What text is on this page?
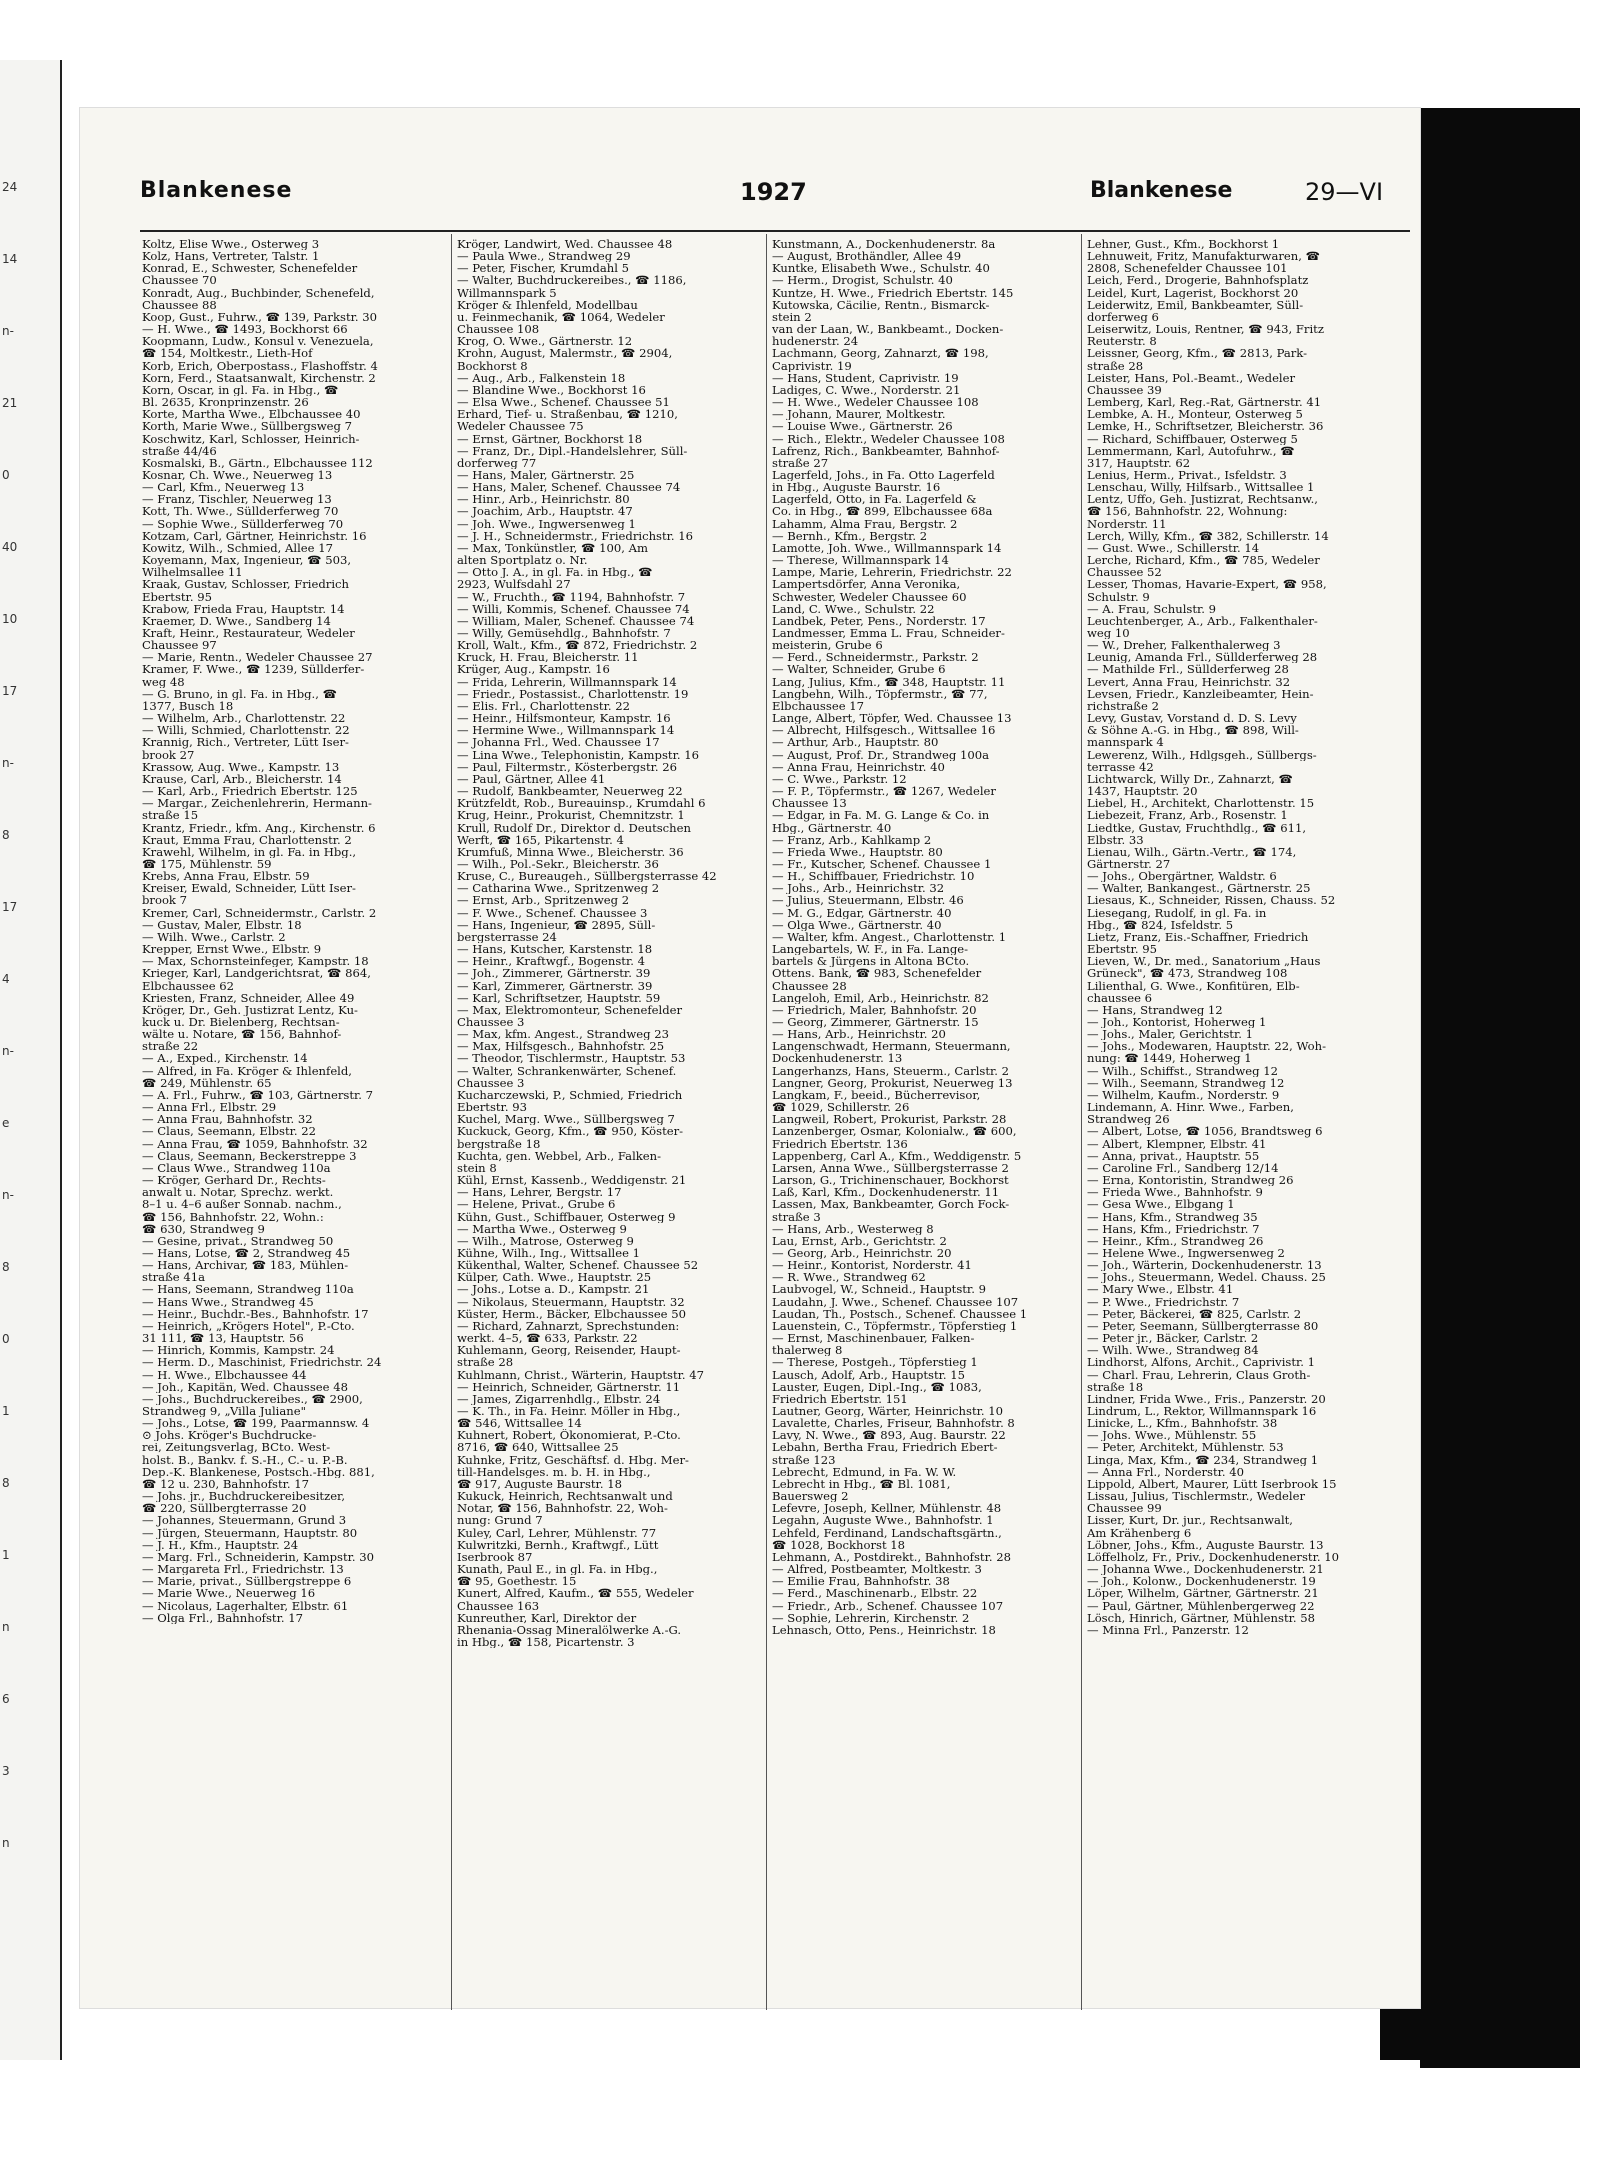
24
14
n-
21
0
40
10
17
n-
8
17
4
n-
e
n-
8
0
1
8
1
n
6
3
n
Blankenese	1927	Blankenese	29—VI
Koltz, Elise Wwe., Osterweg 3
Kolz, Hans, Vertreter, Talstr. 1
Konrad, E., Schwester, Schenefelder
Chaussee 70
Konradt, Aug., Buchbinder, Schenefeld,
Chaussee 88
Koop, Gust., Fuhrw., ☎ 139, Parkstr. 30
— H. Wwe., ☎ 1493, Bockhorst 66
Koopmann, Ludw., Konsul v. Venezuela,
☎ 154, Moltkestr., Lieth-Hof
Korb, Erich, Oberpostass., Flashoffstr. 4
Korn, Ferd., Staatsanwalt, Kirchenstr. 2
Korn, Oscar, in gl. Fa. in Hbg., ☎
Bl. 2635, Kronprinzenstr. 26
Korte, Martha Wwe., Elbchaussee 40
Korth, Marie Wwe., Süllbergsweg 7
Koschwitz, Karl, Schlosser, Heinrich-
straße 44/46
Kosmalski, B., Gärtn., Elbchaussee 112
Kosnar, Ch. Wwe., Neuerweg 13
— Carl, Kfm., Neuerweg 13
— Franz, Tischler, Neuerweg 13
Kott, Th. Wwe., Süllderferweg 70
— Sophie Wwe., Süllderferweg 70
Kotzam, Carl, Gärtner, Heinrichstr. 16
Kowitz, Wilh., Schmied, Allee 17
Koyemann, Max, Ingenieur, ☎ 503,
Wilhelmsallee 11
Kraak, Gustav, Schlosser, Friedrich
Ebertstr. 95
Krabow, Frieda Frau, Hauptstr. 14
Kraemer, D. Wwe., Sandberg 14
Kraft, Heinr., Restaurateur, Wedeler
Chaussee 97
— Marie, Rentn., Wedeler Chaussee 27
Kramer, F. Wwe., ☎ 1239, Süllderfer-
weg 48
— G. Bruno, in gl. Fa. in Hbg., ☎
1377, Busch 18
— Wilhelm, Arb., Charlottenstr. 22
— Willi, Schmied, Charlottenstr. 22
Krannig, Rich., Vertreter, Lütt Iser-
brook 27
Krassow, Aug. Wwe., Kampstr. 13
Krause, Carl, Arb., Bleicherstr. 14
— Karl, Arb., Friedrich Ebertstr. 125
— Margar., Zeichenlehrerin, Hermann-
straße 15
Krantz, Friedr., kfm. Ang., Kirchenstr. 6
Kraut, Emma Frau, Charlottenstr. 2
Krawehl, Wilhelm, in gl. Fa. in Hbg.,
☎ 175, Mühlenstr. 59
Krebs, Anna Frau, Elbstr. 59
Kreiser, Ewald, Schneider, Lütt Iser-
brook 7
Kremer, Carl, Schneidermstr., Carlstr. 2
— Gustav, Maler, Elbstr. 18
— Wilh. Wwe., Carlstr. 2
Krepper, Ernst Wwe., Elbstr. 9
— Max, Schornsteinfeger, Kampstr. 18
Krieger, Karl, Landgerichtsrat, ☎ 864,
Elbchaussee 62
Kriesten, Franz, Schneider, Allee 49
Kröger, Dr., Geh. Justizrat Lentz, Ku-
kuck u. Dr. Bielenberg, Rechtsan-
wälte u. Notare, ☎ 156, Bahnhof-
straße 22
— A., Exped., Kirchenstr. 14
— Alfred, in Fa. Kröger & Ihlenfeld,
☎ 249, Mühlenstr. 65
— A. Frl., Fuhrw., ☎ 103, Gärtnerstr. 7
— Anna Frl., Elbstr. 29
— Anna Frau, Bahnhofstr. 32
— Claus, Seemann, Elbstr. 22
— Anna Frau, ☎ 1059, Bahnhofstr. 32
— Claus, Seemann, Beckerstreppe 3
— Claus Wwe., Strandweg 110a
— Kröger, Gerhard Dr., Rechts-
anwalt u. Notar, Sprechz. werkt.
8–1 u. 4–6 außer Sonnab. nachm.,
☎ 156, Bahnhofstr. 22, Wohn.:
☎ 630, Strandweg 9
— Gesine, privat., Strandweg 50
— Hans, Lotse, ☎ 2, Strandweg 45
— Hans, Archivar, ☎ 183, Mühlen-
straße 41a
— Hans, Seemann, Strandweg 110a
— Hans Wwe., Strandweg 45
— Heinr., Buchdr.-Bes., Bahnhofstr. 17
— Heinrich, „Krögers Hotel", P.-Cto.
31 111, ☎ 13, Hauptstr. 56
— Hinrich, Kommis, Kampstr. 24
— Herm. D., Maschinist, Friedrichstr. 24
— H. Wwe., Elbchaussee 44
— Joh., Kapitän, Wed. Chaussee 48
— Johs., Buchdruckereibes., ☎ 2900,
Strandweg 9, „Villa Juliane"
— Johs., Lotse, ☎ 199, Paarmannsw. 4
⊙ Johs. Kröger's Buchdrucke-
rei, Zeitungsverlag, BCto. West-
holst. B., Bankv. f. S.-H., C.- u. P.-B.
Dep.-K. Blankenese, Postsch.-Hbg. 881,
☎ 12 u. 230, Bahnhofstr. 17
— Johs. jr., Buchdruckereibesitzer,
☎ 220, Süllbergterrasse 20
— Johannes, Steuermann, Grund 3
— Jürgen, Steuermann, Hauptstr. 80
— J. H., Kfm., Hauptstr. 24
— Marg. Frl., Schneiderin, Kampstr. 30
— Margareta Frl., Friedrichstr. 13
— Marie, privat., Süllbergstreppe 6
— Marie Wwe., Neuerweg 16
— Nicolaus, Lagerhalter, Elbstr. 61
— Olga Frl., Bahnhofstr. 17
Kröger, Landwirt, Wed. Chaussee 48
— Paula Wwe., Strandweg 29
— Peter, Fischer, Krumdahl 5
— Walter, Buchdruckereibes., ☎ 1186,
Willmannspark 5
Kröger & Ihlenfeld, Modellbau
u. Feinmechanik, ☎ 1064, Wedeler
Chaussee 108
Krog, O. Wwe., Gärtnerstr. 12
Krohn, August, Malermstr., ☎ 2904,
Bockhorst 8
— Aug., Arb., Falkenstein 18
— Blandine Wwe., Bockhorst 16
— Elsa Wwe., Schenef. Chaussee 51
Erhard, Tief- u. Straßenbau, ☎ 1210,
Wedeler Chaussee 75
— Ernst, Gärtner, Bockhorst 18
— Franz, Dr., Dipl.-Handelslehrer, Süll-
dorferweg 77
— Hans, Maler, Gärtnerstr. 25
— Hans, Maler, Schenef. Chaussee 74
— Hinr., Arb., Heinrichstr. 80
— Joachim, Arb., Hauptstr. 47
— Joh. Wwe., Ingwersenweg 1
— J. H., Schneidermstr., Friedrichstr. 16
— Max, Tonkünstler, ☎ 100, Am
alten Sportplatz o. Nr.
— Otto J. A., in gl. Fa. in Hbg., ☎
2923, Wulfsdahl 27
— W., Fruchth., ☎ 1194, Bahnhofstr. 7
— Willi, Kommis, Schenef. Chaussee 74
— William, Maler, Schenef. Chaussee 74
— Willy, Gemüsehdlg., Bahnhofstr. 7
Kroll, Walt., Kfm., ☎ 872, Friedrichstr. 2
Kruck, H. Frau, Bleicherstr. 11
Krüger, Aug., Kampstr. 16
— Frida, Lehrerin, Willmannspark 14
— Friedr., Postassist., Charlottenstr. 19
— Elis. Frl., Charlottenstr. 22
— Heinr., Hilfsmonteur, Kampstr. 16
— Hermine Wwe., Willmannspark 14
— Johanna Frl., Wed. Chaussee 17
— Lina Wwe., Telephonistin, Kampstr. 16
— Paul, Filtermstr., Kösterbergstr. 26
— Paul, Gärtner, Allee 41
— Rudolf, Bankbeamter, Neuerweg 22
Krützfeldt, Rob., Bureauinsp., Krumdahl 6
Krug, Heinr., Prokurist, Chemnitzstr. 1
Krull, Rudolf Dr., Direktor d. Deutschen
Werft, ☎ 165, Pikartenstr. 4
Krumfuß, Minna Wwe., Bleicherstr. 36
— Wilh., Pol.-Sekr., Bleicherstr. 36
Kruse, C., Bureaugeh., Süllbergsterrasse 42
— Catharina Wwe., Spritzenweg 2
— Ernst, Arb., Spritzenweg 2
— F. Wwe., Schenef. Chaussee 3
— Hans, Ingenieur, ☎ 2895, Süll-
bergsterrasse 24
— Hans, Kutscher, Karstenstr. 18
— Heinr., Kraftwgf., Bogenstr. 4
— Joh., Zimmerer, Gärtnerstr. 39
— Karl, Zimmerer, Gärtnerstr. 39
— Karl, Schriftsetzer, Hauptstr. 59
— Max, Elektromonteur, Schenefelder
Chaussee 3
— Max, kfm. Angest., Strandweg 23
— Max, Hilfsgesch., Bahnhofstr. 25
— Theodor, Tischlermstr., Hauptstr. 53
— Walter, Schrankenwärter, Schenef.
Chaussee 3
Kucharczewski, P., Schmied, Friedrich
Ebertstr. 93
Kuchel, Marg. Wwe., Süllbergsweg 7
Kuckuck, Georg, Kfm., ☎ 950, Köster-
bergstraße 18
Kuchta, gen. Webbel, Arb., Falken-
stein 8
Kühl, Ernst, Kassenb., Weddigenstr. 21
— Hans, Lehrer, Bergstr. 17
— Helene, Privat., Grube 6
Kühn, Gust., Schiffbauer, Osterweg 9
— Martha Wwe., Osterweg 9
— Wilh., Matrose, Osterweg 9
Kühne, Wilh., Ing., Wittsallee 1
Kükenthal, Walter, Schenef. Chaussee 52
Külper, Cath. Wwe., Hauptstr. 25
— Johs., Lotse a. D., Kampstr. 21
— Nikolaus, Steuermann, Hauptstr. 32
Küster, Herm., Bäcker, Elbchaussee 50
— Richard, Zahnarzt, Sprechstunden:
werkt. 4–5, ☎ 633, Parkstr. 22
Kuhlemann, Georg, Reisender, Haupt-
straße 28
Kuhlmann, Christ., Wärterin, Hauptstr. 47
— Heinrich, Schneider, Gärtnerstr. 11
— James, Zigarrenhdlg., Elbstr. 24
— K. Th., in Fa. Heinr. Möller in Hbg.,
☎ 546, Wittsallee 14
Kuhnert, Robert, Ökonomierat, P.-Cto.
8716, ☎ 640, Wittsallee 25
Kuhnke, Fritz, Geschäftsf. d. Hbg. Mer-
till-Handelsges. m. b. H. in Hbg.,
☎ 917, Auguste Baurstr. 18
Kukuck, Heinrich, Rechtsanwalt und
Notar, ☎ 156, Bahnhofstr. 22, Woh-
nung: Grund 7
Kuley, Carl, Lehrer, Mühlenstr. 77
Kulwritzki, Bernh., Kraftwgf., Lütt
Iserbrook 87
Kunath, Paul E., in gl. Fa. in Hbg.,
☎ 95, Goethestr. 15
Kunert, Alfred, Kaufm., ☎ 555, Wedeler
Chaussee 163
Kunreuther, Karl, Direktor der
Rhenania-Ossag Mineralölwerke A.-G.
in Hbg., ☎ 158, Picartenstr. 3
Kunstmann, A., Dockenhudenerstr. 8a
— August, Brothändler, Allee 49
Kuntke, Elisabeth Wwe., Schulstr. 40
— Herm., Drogist, Schulstr. 40
Kuntze, H. Wwe., Friedrich Ebertstr. 145
Kutowska, Cäcilie, Rentn., Bismarck-
stein 2
van der Laan, W., Bankbeamt., Docken-
hudenerstr. 24
Lachmann, Georg, Zahnarzt, ☎ 198,
Caprivistr. 19
— Hans, Student, Caprivistr. 19
Ladiges, C. Wwe., Norderstr. 21
— H. Wwe., Wedeler Chaussee 108
— Johann, Maurer, Moltkestr.
— Louise Wwe., Gärtnerstr. 26
— Rich., Elektr., Wedeler Chaussee 108
Lafrenz, Rich., Bankbeamter, Bahnhof-
straße 27
Lagerfeld, Johs., in Fa. Otto Lagerfeld
in Hbg., Auguste Baurstr. 16
Lagerfeld, Otto, in Fa. Lagerfeld &
Co. in Hbg., ☎ 899, Elbchaussee 68a
Lahamm, Alma Frau, Bergstr. 2
— Bernh., Kfm., Bergstr. 2
Lamotte, Joh. Wwe., Willmannspark 14
— Therese, Willmannspark 14
Lampe, Marie, Lehrerin, Friedrichstr. 22
Lampertsdörfer, Anna Veronika,
Schwester, Wedeler Chaussee 60
Land, C. Wwe., Schulstr. 22
Landbek, Peter, Pens., Norderstr. 17
Landmesser, Emma L. Frau, Schneider-
meisterin, Grube 6
— Ferd., Schneidermstr., Parkstr. 2
— Walter, Schneider, Grube 6
Lang, Julius, Kfm., ☎ 348, Hauptstr. 11
Langbehn, Wilh., Töpfermstr., ☎ 77,
Elbchaussee 17
Lange, Albert, Töpfer, Wed. Chaussee 13
— Albrecht, Hilfsgesch., Wittsallee 16
— Arthur, Arb., Hauptstr. 80
— August, Prof. Dr., Strandweg 100a
— Anna Frau, Heinrichstr. 40
— C. Wwe., Parkstr. 12
— F. P., Töpfermstr., ☎ 1267, Wedeler
Chaussee 13
— Edgar, in Fa. M. G. Lange & Co. in
Hbg., Gärtnerstr. 40
— Franz, Arb., Kahlkamp 2
— Frieda Wwe., Hauptstr. 80
— Fr., Kutscher, Schenef. Chaussee 1
— H., Schiffbauer, Friedrichstr. 10
— Johs., Arb., Heinrichstr. 32
— Julius, Steuermann, Elbstr. 46
— M. G., Edgar, Gärtnerstr. 40
— Olga Wwe., Gärtnerstr. 40
— Walter, kfm. Angest., Charlottenstr. 1
Langebartels, W. F., in Fa. Lange-
bartels & Jürgens in Altona BCto.
Ottens. Bank, ☎ 983, Schenefelder
Chaussee 28
Langeloh, Emil, Arb., Heinrichstr. 82
— Friedrich, Maler, Bahnhofstr. 20
— Georg, Zimmerer, Gärtnerstr. 15
— Hans, Arb., Heinrichstr. 20
Langenschwadt, Hermann, Steuermann,
Dockenhudenerstr. 13
Langerhanzs, Hans, Steuerm., Carlstr. 2
Langner, Georg, Prokurist, Neuerweg 13
Langkam, F., beeid., Bücherrevisor,
☎ 1029, Schillerstr. 26
Langweil, Robert, Prokurist, Parkstr. 28
Lanzenberger, Osmar, Kolonialw., ☎ 600,
Friedrich Ebertstr. 136
Lappenberg, Carl A., Kfm., Weddigenstr. 5
Larsen, Anna Wwe., Süllbergsterrasse 2
Larson, G., Trichinenschauer, Bockhorst
Laß, Karl, Kfm., Dockenhudenerstr. 11
Lassen, Max, Bankbeamter, Gorch Fock-
straße 3
— Hans, Arb., Westerweg 8
Lau, Ernst, Arb., Gerichtstr. 2
— Georg, Arb., Heinrichstr. 20
— Heinr., Kontorist, Norderstr. 41
— R. Wwe., Strandweg 62
Laubvogel, W., Schneid., Hauptstr. 9
Laudahn, J. Wwe., Schenef. Chaussee 107
Laudan, Th., Postsch., Schenef. Chaussee 1
Lauenstein, C., Töpfermstr., Töpferstieg 1
— Ernst, Maschinenbauer, Falken-
thalerweg 8
— Therese, Postgeh., Töpferstieg 1
Lausch, Adolf, Arb., Hauptstr. 15
Lauster, Eugen, Dipl.-Ing., ☎ 1083,
Friedrich Ebertstr. 151
Lautner, Georg, Wärter, Heinrichstr. 10
Lavalette, Charles, Friseur, Bahnhofstr. 8
Lavy, N. Wwe., ☎ 893, Aug. Baurstr. 22
Lebahn, Bertha Frau, Friedrich Ebert-
straße 123
Lebrecht, Edmund, in Fa. W. W.
Lebrecht in Hbg., ☎ Bl. 1081,
Bauersweg 2
Lefevre, Joseph, Kellner, Mühlenstr. 48
Legahn, Auguste Wwe., Bahnhofstr. 1
Lehfeld, Ferdinand, Landschaftsgärtn.,
☎ 1028, Bockhorst 18
Lehmann, A., Postdirekt., Bahnhofstr. 28
— Alfred, Postbeamter, Moltkestr. 3
— Emilie Frau, Bahnhofstr. 38
— Ferd., Maschinenarb., Elbstr. 22
— Friedr., Arb., Schenef. Chaussee 107
— Sophie, Lehrerin, Kirchenstr. 2
Lehnasch, Otto, Pens., Heinrichstr. 18
Lehner, Gust., Kfm., Bockhorst 1
Lehnuweit, Fritz, Manufakturwaren, ☎
2808, Schenefelder Chaussee 101
Leich, Ferd., Drogerie, Bahnhofsplatz
Leidel, Kurt, Lagerist, Bockhorst 20
Leiderwitz, Emil, Bankbeamter, Süll-
dorferweg 6
Leiserwitz, Louis, Rentner, ☎ 943, Fritz
Reuterstr. 8
Leissner, Georg, Kfm., ☎ 2813, Park-
straße 28
Leister, Hans, Pol.-Beamt., Wedeler
Chaussee 39
Lemberg, Karl, Reg.-Rat, Gärtnerstr. 41
Lembke, A. H., Monteur, Osterweg 5
Lemke, H., Schriftsetzer, Bleicherstr. 36
— Richard, Schiffbauer, Osterweg 5
Lemmermann, Karl, Autofuhrw., ☎
317, Hauptstr. 62
Lenius, Herm., Privat., Isfeldstr. 3
Lenschau, Willy, Hilfsarb., Wittsallee 1
Lentz, Uffo, Geh. Justizrat, Rechtsanw.,
☎ 156, Bahnhofstr. 22, Wohnung:
Norderstr. 11
Lerch, Willy, Kfm., ☎ 382, Schillerstr. 14
— Gust. Wwe., Schillerstr. 14
Lerche, Richard, Kfm., ☎ 785, Wedeler
Chaussee 52
Lesser, Thomas, Havarie-Expert, ☎ 958,
Schulstr. 9
— A. Frau, Schulstr. 9
Leuchtenberger, A., Arb., Falkenthaler-
weg 10
— W., Dreher, Falkenthalerweg 3
Leunig, Amanda Frl., Süllderferweg 28
— Mathilde Frl., Süllderferweg 28
Levert, Anna Frau, Heinrichstr. 32
Levsen, Friedr., Kanzleibeamter, Hein-
richstraße 2
Levy, Gustav, Vorstand d. D. S. Levy
& Söhne A.-G. in Hbg., ☎ 898, Will-
mannspark 4
Lewerenz, Wilh., Hdlgsgeh., Süllbergs-
terrasse 42
Lichtwarck, Willy Dr., Zahnarzt, ☎
1437, Hauptstr. 20
Liebel, H., Architekt, Charlottenstr. 15
Liebezeit, Franz, Arb., Rosenstr. 1
Liedtke, Gustav, Fruchthdlg., ☎ 611,
Elbstr. 33
Lienau, Wilh., Gärtn.-Vertr., ☎ 174,
Gärtnerstr. 27
— Johs., Obergärtner, Waldstr. 6
— Walter, Bankangest., Gärtnerstr. 25
Liesaus, K., Schneider, Rissen, Chauss. 52
Liesegang, Rudolf, in gl. Fa. in
Hbg., ☎ 824, Isfeldstr. 5
Lietz, Franz, Eis.-Schaffner, Friedrich
Ebertstr. 95
Lieven, W., Dr. med., Sanatorium „Haus
Grüneck", ☎ 473, Strandweg 108
Lilienthal, G. Wwe., Konfitüren, Elb-
chaussee 6
— Hans, Strandweg 12
— Joh., Kontorist, Hoherweg 1
— Johs., Maler, Gerichtstr. 1
— Johs., Modewaren, Hauptstr. 22, Woh-
nung: ☎ 1449, Hoherweg 1
— Wilh., Schiffst., Strandweg 12
— Wilh., Seemann, Strandweg 12
— Wilhelm, Kaufm., Norderstr. 9
Lindemann, A. Hinr. Wwe., Farben,
Strandweg 26
— Albert, Lotse, ☎ 1056, Brandtsweg 6
— Albert, Klempner, Elbstr. 41
— Anna, privat., Hauptstr. 55
— Caroline Frl., Sandberg 12/14
— Erna, Kontoristin, Strandweg 26
— Frieda Wwe., Bahnhofstr. 9
— Gesa Wwe., Elbgang 1
— Hans, Kfm., Strandweg 35
— Hans, Kfm., Friedrichstr. 7
— Heinr., Kfm., Strandweg 26
— Helene Wwe., Ingwersenweg 2
— Joh., Wärterin, Dockenhudenerstr. 13
— Johs., Steuermann, Wedel. Chauss. 25
— Mary Wwe., Elbstr. 41
— P. Wwe., Friedrichstr. 7
— Peter, Bäckerei, ☎ 825, Carlstr. 2
— Peter, Seemann, Süllbergterrasse 80
— Peter jr., Bäcker, Carlstr. 2
— Wilh. Wwe., Strandweg 84
Lindhorst, Alfons, Archit., Caprivistr. 1
— Charl. Frau, Lehrerin, Claus Groth-
straße 18
Lindner, Frida Wwe., Fris., Panzerstr. 20
Lindrum, L., Rektor, Willmannspark 16
Linicke, L., Kfm., Bahnhofstr. 38
— Johs. Wwe., Mühlenstr. 55
— Peter, Architekt, Mühlenstr. 53
Linga, Max, Kfm., ☎ 234, Strandweg 1
— Anna Frl., Norderstr. 40
Lippold, Albert, Maurer, Lütt Iserbrook 15
Lissau, Julius, Tischlermstr., Wedeler
Chaussee 99
Lisser, Kurt, Dr. jur., Rechtsanwalt,
Am Krähenberg 6
Löbner, Johs., Kfm., Auguste Baurstr. 13
Löffelholz, Fr., Priv., Dockenhudenerstr. 10
— Johanna Wwe., Dockenhudenerstr. 21
— Joh., Kolonw., Dockenhudenerstr. 19
Löper, Wilhelm, Gärtner, Gärtnerstr. 21
— Paul, Gärtner, Mühlenbergerweg 22
Lösch, Hinrich, Gärtner, Mühlenstr. 58
— Minna Frl., Panzerstr. 12
